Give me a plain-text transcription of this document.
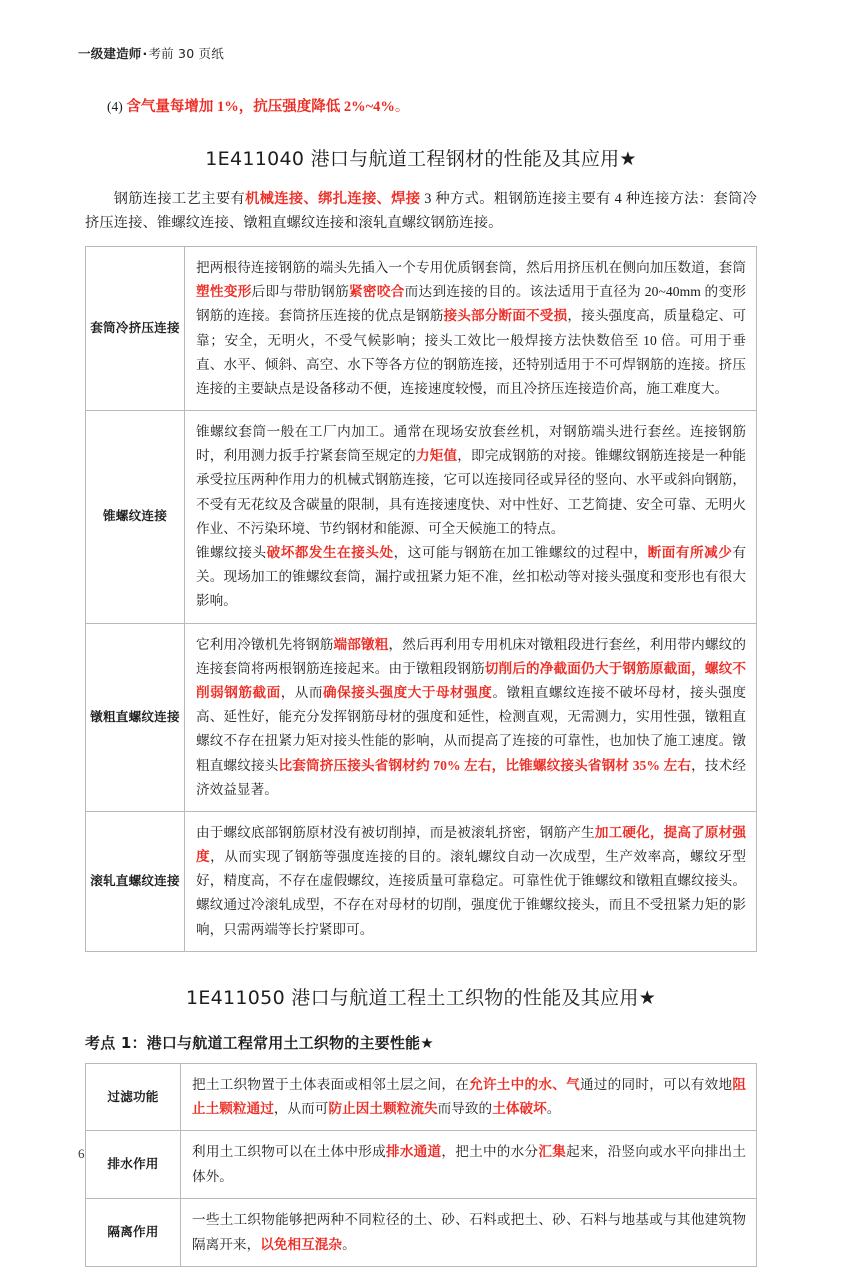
一级建造师·考前 30 页纸

(4) 含气量每增加 1%，抗压强度降低 2%~4%。

1E411040 港口与航道工程钢材的性能及其应用★

钢筋连接工艺主要有机械连接、绑扎连接、焊接 3 种方式。粗钢筋连接主要有 4 种连接方法：套筒冷挤压连接、锥螺纹连接、镦粗直螺纹连接和滚轧直螺纹钢筋连接。

套筒冷挤压连接	把两根待连接钢筋的端头先插入一个专用优质钢套筒，然后用挤压机在侧向加压数道，套筒塑性变形后即与带肋钢筋紧密咬合而达到连接的目的。该法适用于直径为 20~40mm 的变形钢筋的连接。套筒挤压连接的优点是钢筋接头部分断面不受损，接头强度高，质量稳定、可靠；安全，无明火，不受气候影响；接头工效比一般焊接方法快数倍至 10 倍。可用于垂直、水平、倾斜、高空、水下等各方位的钢筋连接，还特别适用于不可焊钢筋的连接。挤压连接的主要缺点是设备移动不便，连接速度较慢，而且冷挤压连接造价高，施工难度大。

锥螺纹连接	锥螺纹套筒一般在工厂内加工。通常在现场安放套丝机，对钢筋端头进行套丝。连接钢筋时，利用测力扳手拧紧套筒至规定的力矩值，即完成钢筋的对接。锥螺纹钢筋连接是一种能承受拉压两种作用力的机械式钢筋连接，它可以连接同径或异径的竖向、水平或斜向钢筋，不受有无花纹及含碳量的限制，具有连接速度快、对中性好、工艺简捷、安全可靠、无明火作业、不污染环境、节约钢材和能源、可全天候施工的特点。

锥螺纹接头破坏都发生在接头处，这可能与钢筋在加工锥螺纹的过程中，断面有所减少有关。现场加工的锥螺纹套筒，漏拧或扭紧力矩不准，丝扣松动等对接头强度和变形也有很大影响。

镦粗直螺纹连接	它利用冷镦机先将钢筋端部镦粗，然后再利用专用机床对镦粗段进行套丝，利用带内螺纹的连接套筒将两根钢筋连接起来。由于镦粗段钢筋切削后的净截面仍大于钢筋原截面，螺纹不削弱钢筋截面，从而确保接头强度大于母材强度。镦粗直螺纹连接不破坏母材，接头强度高、延性好，能充分发挥钢筋母材的强度和延性，检测直观，无需测力，实用性强，镦粗直螺纹不存在扭紧力矩对接头性能的影响，从而提高了连接的可靠性，也加快了施工速度。镦粗直螺纹接头比套筒挤压接头省钢材约 70% 左右，比锥螺纹接头省钢材 35% 左右，技术经济效益显著。

滚轧直螺纹连接	由于螺纹底部钢筋原材没有被切削掉，而是被滚轧挤密，钢筋产生加工硬化，提高了原材强度，从而实现了钢筋等强度连接的目的。滚轧螺纹自动一次成型，生产效率高，螺纹牙型好，精度高，不存在虚假螺纹，连接质量可靠稳定。可靠性优于锥螺纹和镦粗直螺纹接头。螺纹通过冷滚轧成型，不存在对母材的切削，强度优于锥螺纹接头，而且不受扭紧力矩的影响，只需两端等长拧紧即可。

1E411050 港口与航道工程土工织物的性能及其应用★
考点 1：港口与航道工程常用土工织物的主要性能★
过滤功能	把土工织物置于土体表面或相邻土层之间，在允许土中的水、气通过的同时，可以有效地阻止土颗粒通过，从而可防止因土颗粒流失而导致的土体破坏。

排水作用	利用土工织物可以在土体中形成排水通道，把土中的水分汇集起来，沿竖向或水平向排出土体外。

隔离作用	一些土工织物能够把两种不同粒径的土、砂、石料或把土、砂、石料与地基或与其他建筑物隔离开来，以免相互混杂。

6
